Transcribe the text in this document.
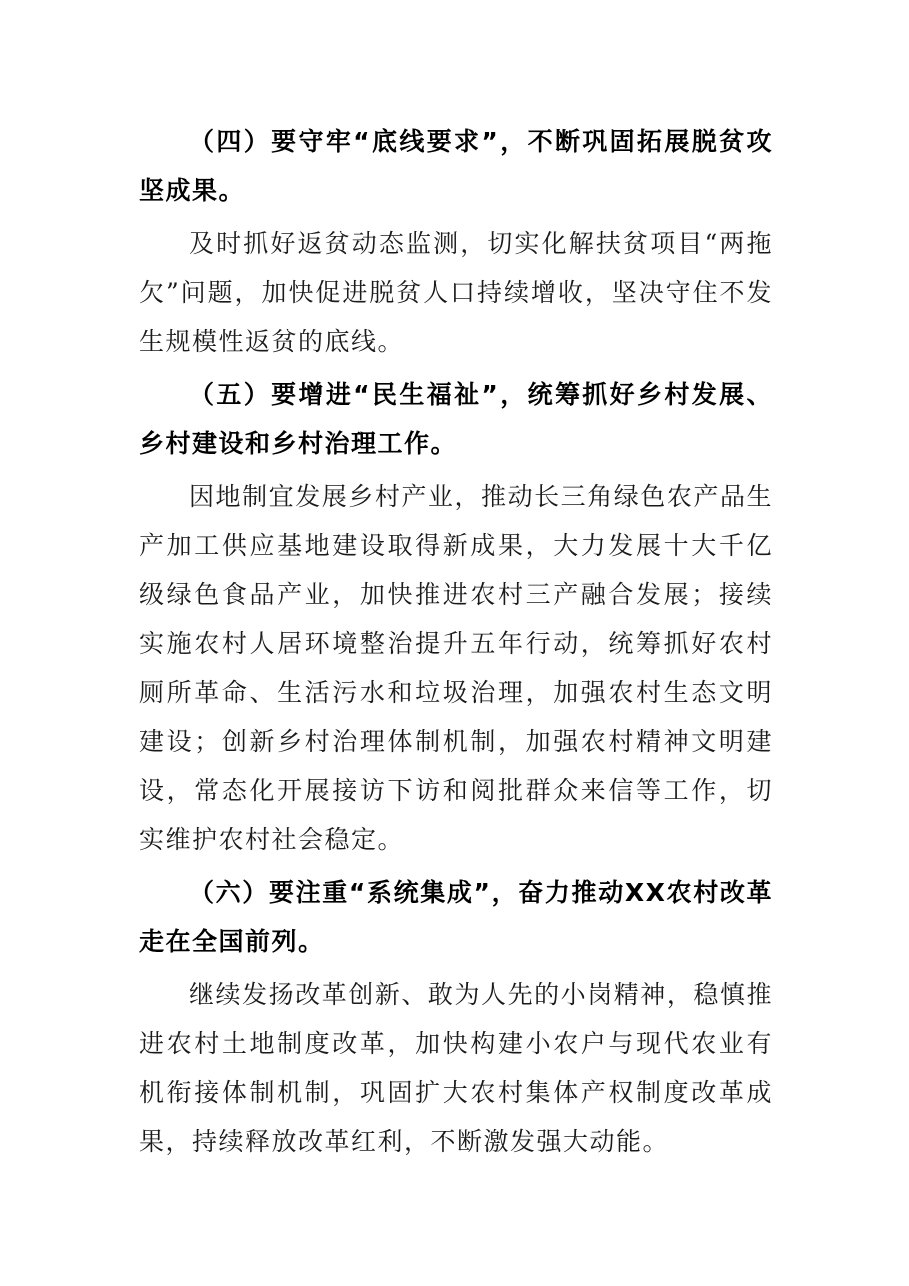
（四）要守牢“底线要求”，不断巩固拓展脱贫攻坚成果。

及时抓好返贫动态监测，切实化解扶贫项目“两拖欠”问题，加快促进脱贫人口持续增收，坚决守住不发生规模性返贫的底线。

（五）要增进“民生福祉”，统筹抓好乡村发展、乡村建设和乡村治理工作。

因地制宜发展乡村产业，推动长三角绿色农产品生产加工供应基地建设取得新成果，大力发展十大千亿级绿色食品产业，加快推进农村三产融合发展；接续实施农村人居环境整治提升五年行动，统筹抓好农村厕所革命、生活污水和垃圾治理，加强农村生态文明建设；创新乡村治理体制机制，加强农村精神文明建设，常态化开展接访下访和阅批群众来信等工作，切实维护农村社会稳定。

（六）要注重“系统集成”，奋力推动XX农村改革走在全国前列。

继续发扬改革创新、敢为人先的小岗精神，稳慎推进农村土地制度改革，加快构建小农户与现代农业有机衔接体制机制，巩固扩大农村集体产权制度改革成果，持续释放改革红利，不断激发强大动能。
